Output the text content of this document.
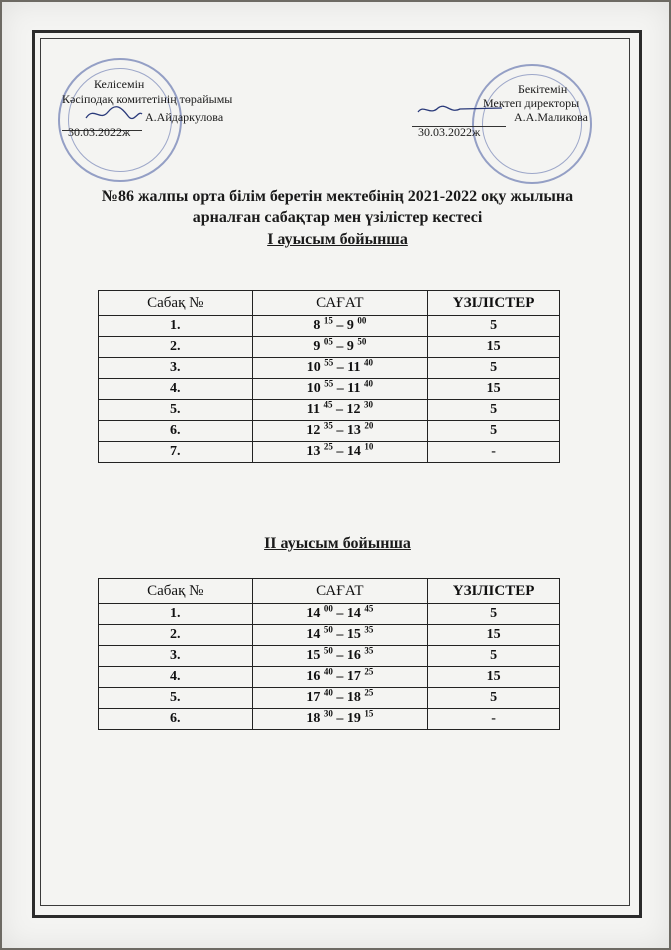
Келісемін
Кәсіподақ комитетінің төрайымы
А.Айдаркулова
30.03.2022ж
Бекітемін
Мектеп директоры
А.А.Маликова
30.03.2022ж
№86 жалпы орта білім беретін мектебінің 2021-2022 оқу жылына
арналған сабақтар мен үзілістер кестесі
I ауысым бойынша
Сабақ №	САҒАТ	ҮЗІЛІСТЕР
1.	8 $^{15}$ – 9 $^{00}$	5
2.	9 $^{05}$ – 9 $^{50}$	15
3.	10 $^{55}$ – 11 $^{40}$	5
4.	10 $^{55}$ – 11 $^{40}$	15
5.	11 $^{45}$ – 12 $^{30}$	5
6.	12 $^{35}$ – 13 $^{20}$	5
7.	13 $^{25}$ – 14 $^{10}$	-
II ауысым бойынша
Сабақ №	САҒАТ	ҮЗІЛІСТЕР
1.	14 $^{00}$ – 14 $^{45}$	5
2.	14 $^{50}$ – 15 $^{35}$	15
3.	15 $^{50}$ – 16 $^{35}$	5
4.	16 $^{40}$ – 17 $^{25}$	15
5.	17 $^{40}$ – 18 $^{25}$	5
6.	18 $^{30}$ – 19 $^{15}$	-
